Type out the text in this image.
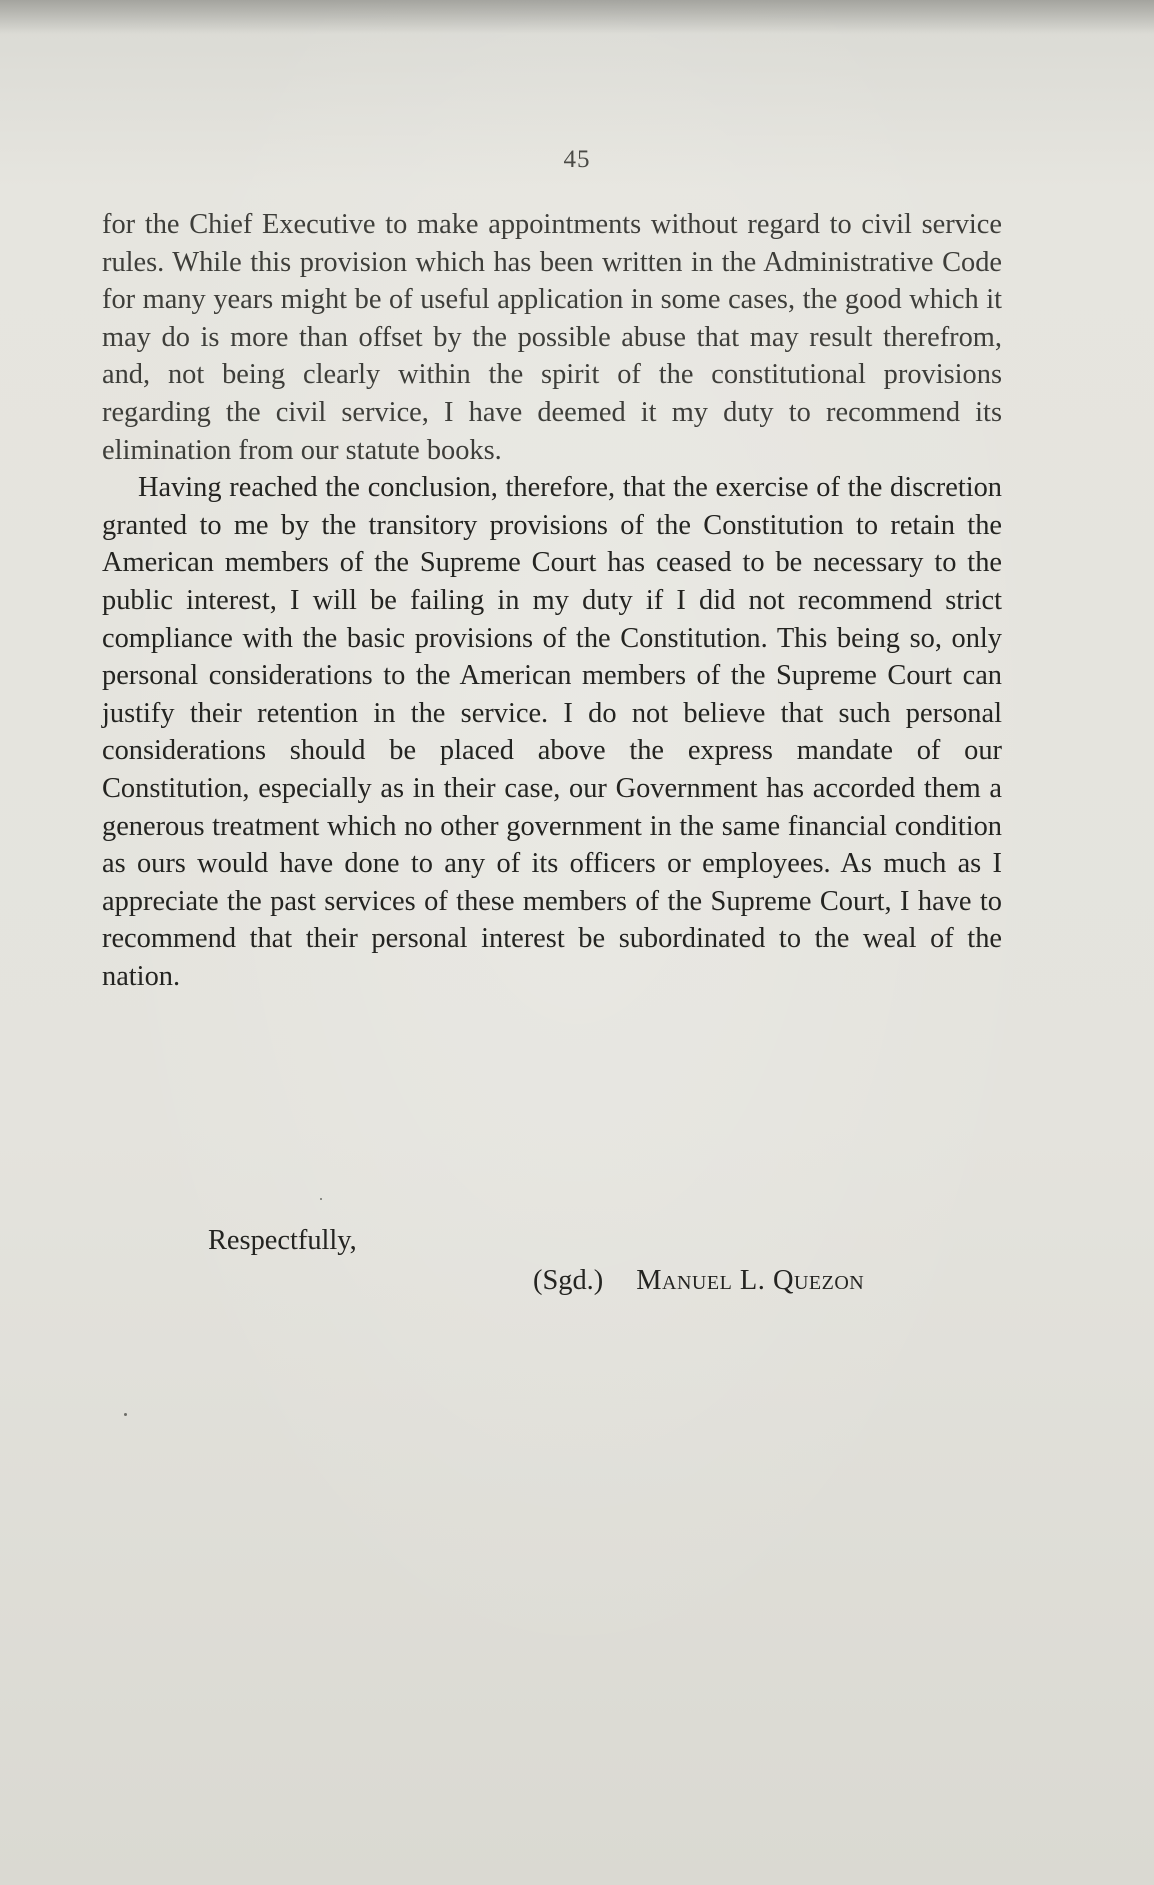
45

for the Chief Executive to make appointments without regard to civil service rules. While this provision which has been written in the Administrative Code for many years might be of useful application in some cases, the good which it may do is more than offset by the possible abuse that may result therefrom, and, not being clearly within the spirit of the constitutional provisions regarding the civil service, I have deemed it my duty to recommend its elimination from our statute books.

Having reached the conclusion, therefore, that the exercise of the discretion granted to me by the transitory provisions of the Constitution to retain the American members of the Supreme Court has ceased to be necessary to the public interest, I will be failing in my duty if I did not recommend strict compliance with the basic provisions of the Constitution. This being so, only personal considerations to the American members of the Supreme Court can justify their retention in the service. I do not believe that such personal considerations should be placed above the express mandate of our Constitution, especially as in their case, our Government has accorded them a generous treatment which no other government in the same financial condition as ours would have done to any of its officers or employees. As much as I appreciate the past services of these members of the Supreme Court, I have to recommend that their personal interest be subordinated to the weal of the nation.

Respectfully,
(Sgd.) Manuel L. Quezon
